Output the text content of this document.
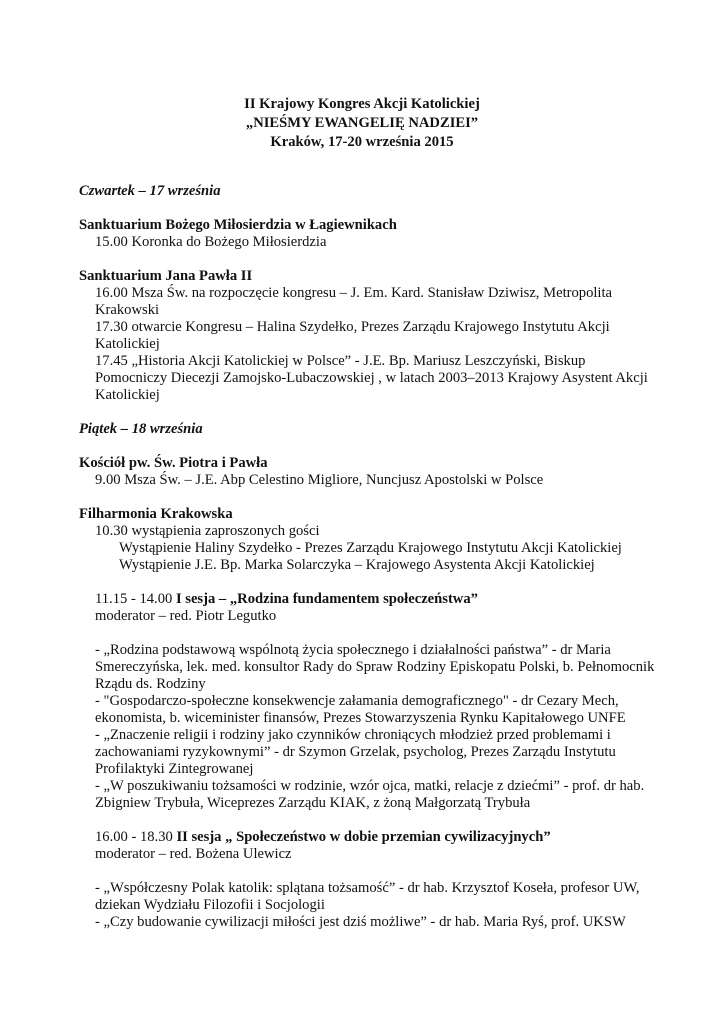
II Krajowy Kongres Akcji Katolickiej
„NIEŚMY EWANGELIĘ NADZIEI”
Kraków, 17-20 września 2015
Czwartek – 17 września
Sanktuarium Bożego Miłosierdzia w Łagiewnikach
15.00 Koronka do Bożego Miłosierdzia
Sanktuarium Jana Pawła II
16.00 Msza Św. na rozpoczęcie kongresu – J. Em. Kard. Stanisław Dziwisz, Metropolita Krakowski
17.30 otwarcie Kongresu – Halina Szydełko, Prezes Zarządu Krajowego Instytutu Akcji Katolickiej
17.45 „Historia Akcji Katolickiej w Polsce” - J.E. Bp. Mariusz Leszczyński, Biskup Pomocniczy Diecezji Zamojsko-Lubaczowskiej , w latach 2003–2013 Krajowy Asystent Akcji Katolickiej
Piątek – 18 września
Kościół pw. Św. Piotra i Pawła
9.00 Msza Św. – J.E. Abp Celestino Migliore, Nuncjusz Apostolski w Polsce
Filharmonia Krakowska
10.30 wystąpienia zaproszonych gości
Wystąpienie Haliny Szydełko - Prezes Zarządu Krajowego Instytutu Akcji Katolickiej
Wystąpienie J.E. Bp. Marka Solarczyka – Krajowego Asystenta Akcji Katolickiej
11.15 - 14.00 I sesja – „Rodzina fundamentem społeczeństwa”
moderator – red. Piotr Legutko
- „Rodzina podstawową wspólnotą życia społecznego i działalności państwa” - dr Maria Smereczyńska, lek. med. konsultor Rady do Spraw Rodziny Episkopatu Polski, b. Pełnomocnik Rządu ds. Rodziny
- "Gospodarczo-społeczne konsekwencje załamania demograficznego" - dr Cezary Mech, ekonomista, b. wiceminister finansów, Prezes Stowarzyszenia Rynku Kapitałowego UNFE
- „Znaczenie religii i rodziny jako czynników chroniących młodzież przed problemami i zachowaniami ryzykownymi” - dr Szymon Grzelak, psycholog, Prezes Zarządu Instytutu Profilaktyki Zintegrowanej
- „W poszukiwaniu tożsamości w rodzinie, wzór ojca, matki, relacje z dziećmi” - prof. dr hab. Zbigniew Trybuła, Wiceprezes Zarządu KIAK, z żoną Małgorzatą Trybuła
16.00 - 18.30 II sesja „ Społeczeństwo w dobie przemian cywilizacyjnych”
moderator – red. Bożena Ulewicz
- „Współczesny Polak katolik: splątana tożsamość” - dr hab. Krzysztof Koseła, profesor UW, dziekan Wydziału Filozofii i Socjologii
- „Czy budowanie cywilizacji miłości jest dziś możliwe” - dr hab. Maria Ryś, prof. UKSW
